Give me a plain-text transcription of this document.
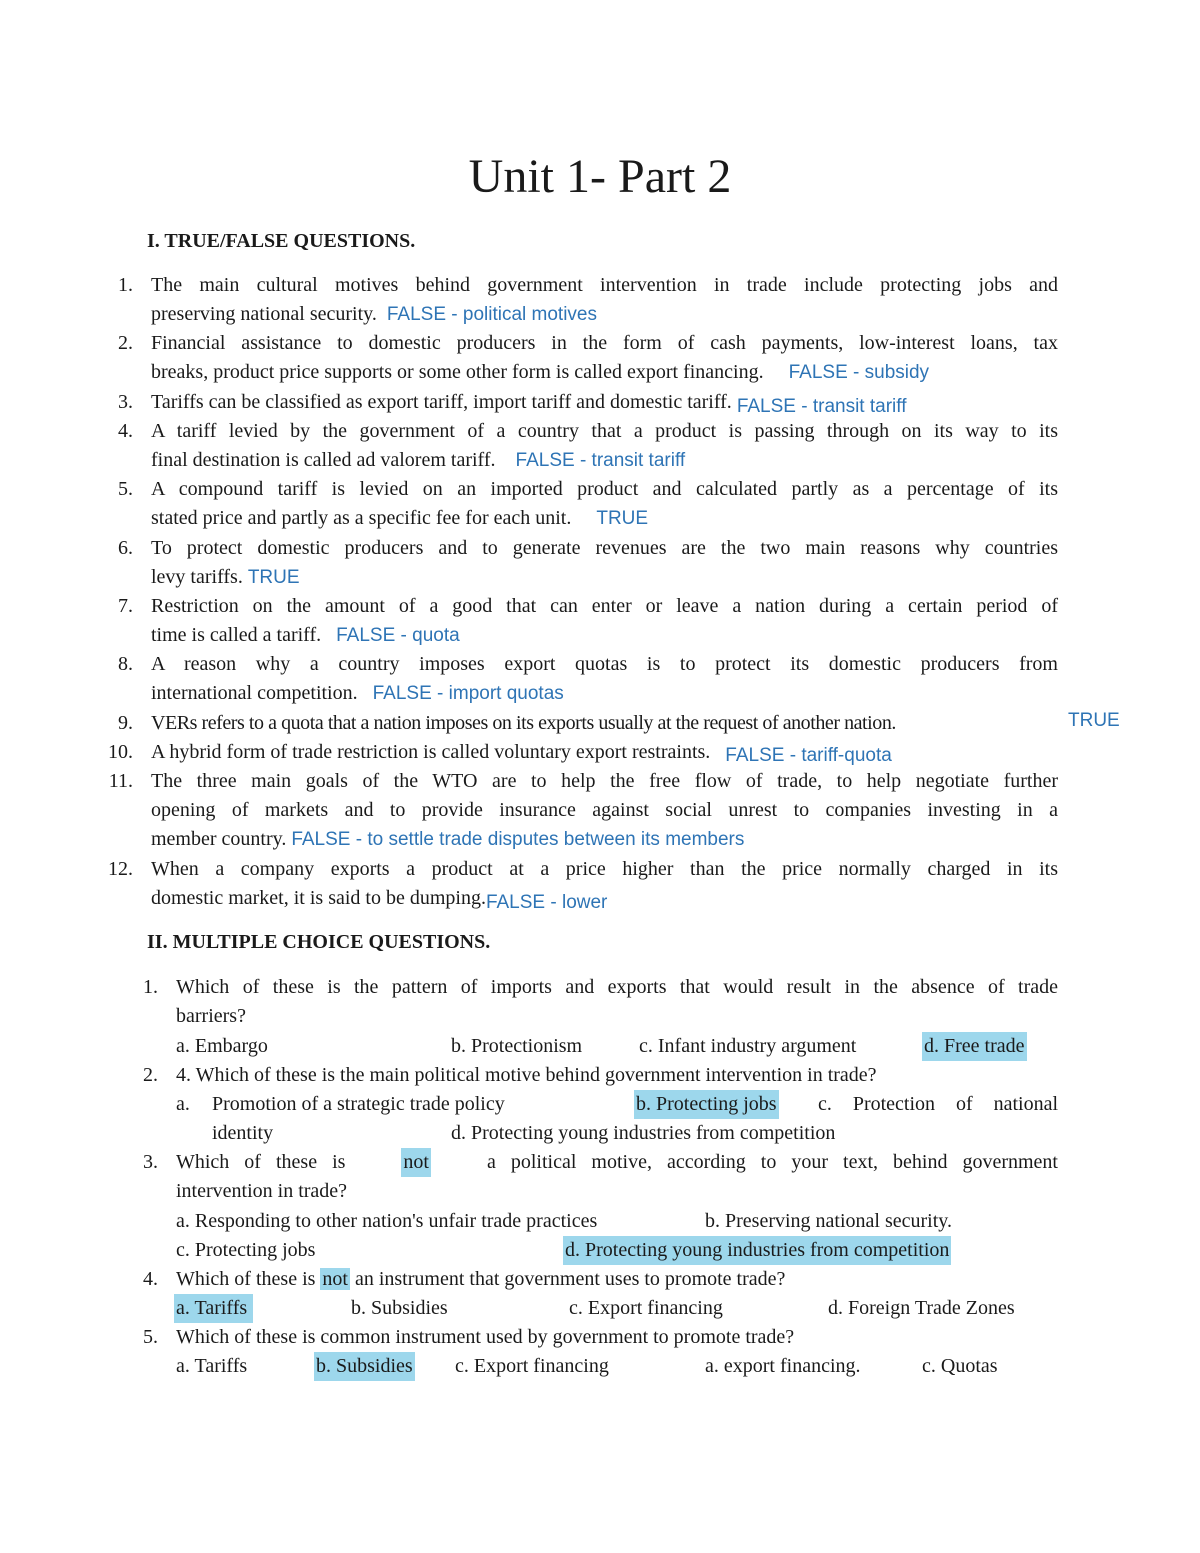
Unit 1- Part 2
I. TRUE/FALSE QUESTIONS.
1. The main cultural motives behind government intervention in trade include protecting jobs and
preserving national security. FALSE - political motives
2. Financial assistance to domestic producers in the form of cash payments, low-interest loans, tax
breaks, product price supports or some other form is called export financing. FALSE - subsidy
3. Tariffs can be classified as export tariff, import tariff and domestic tariff. FALSE - transit tariff
4. A tariff levied by the government of a country that a product is passing through on its way to its
final destination is called ad valorem tariff. FALSE - transit tariff
5. A compound tariff is levied on an imported product and calculated partly as a percentage of its
stated price and partly as a specific fee for each unit. TRUE
6. To protect domestic producers and to generate revenues are the two main reasons why countries
levy tariffs. TRUE
7. Restriction on the amount of a good that can enter or leave a nation during a certain period of
time is called a tariff. FALSE - quota
8. A reason why a country imposes export quotas is to protect its domestic producers from
international competition. FALSE - import quotas
9. VERs refers to a quota that a nation imposes on its exports usually at the request of another nation.	TRUE
10. A hybrid form of trade restriction is called voluntary export restraints. FALSE - tariff-quota
11. The three main goals of the WTO are to help the free flow of trade, to help negotiate further
opening of markets and to provide insurance against social unrest to companies investing in a
member country. FALSE - to settle trade disputes between its members
12. When a company exports a product at a price higher than the price normally charged in its
domestic market, it is said to be dumping.FALSE - lower
II. MULTIPLE CHOICE QUESTIONS.
1. Which of these is the pattern of imports and exports that would result in the absence of trade
barriers?
a. Embargo	b. Protectionism	c. Infant industry argument	d. Free trade
2. 4. Which of these is the main political motive behind government intervention in trade?
a. Promotion of a strategic trade policy	b. Protecting jobs c. Protection of national
identity	d. Protecting young industries from competition
3. Which of these is	not	a political motive, according to your text, behind government
intervention in trade?
a. Responding to other nation's unfair trade practices	b. Preserving national security.
c. Protecting jobs	d. Protecting young industries from competition
4. Which of these is not an instrument that government uses to promote trade?
a. Tariffs	b. Subsidies	c. Export financing	d. Foreign Trade Zones
5. Which of these is common instrument used by government to promote trade?
a. Tariffs	b. Subsidies c. Export financing	a. export financing.	c. Quotas
